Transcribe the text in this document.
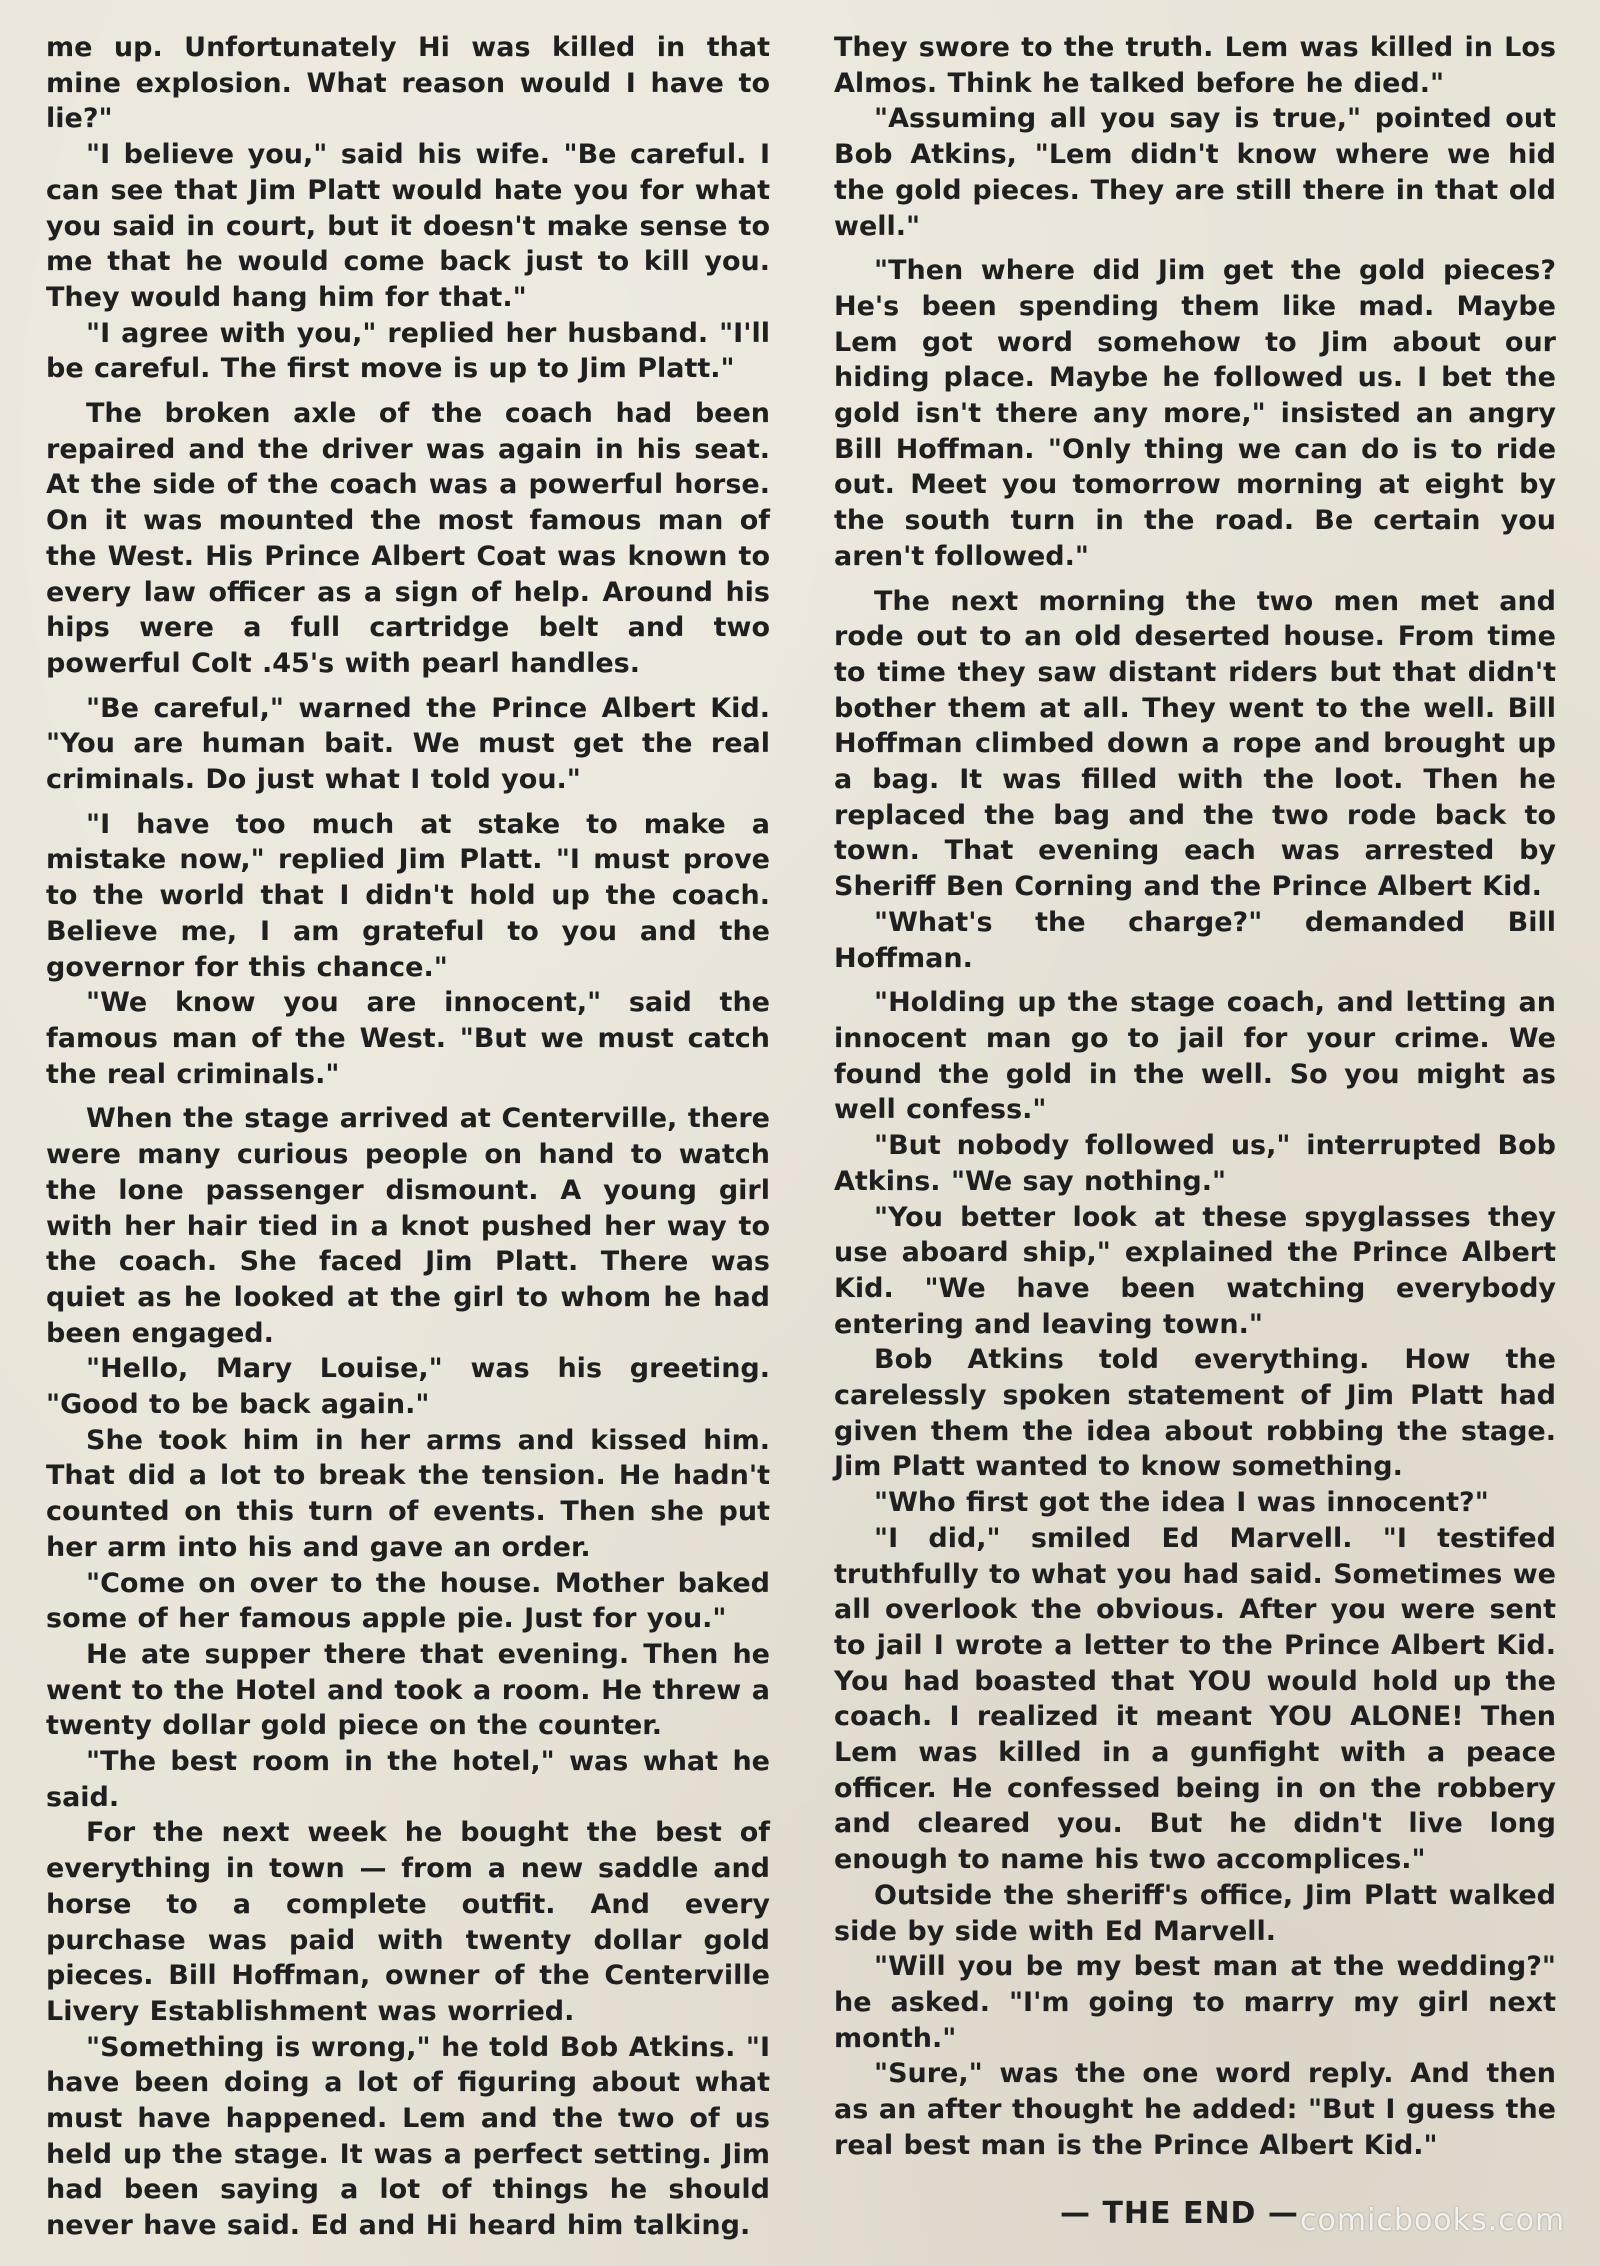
me up. Unfortunately Hi was killed in that mine explosion. What reason would I have to lie?"

"I believe you," said his wife. "Be careful. I can see that Jim Platt would hate you for what you said in court, but it doesn't make sense to me that he would come back just to kill you. They would hang him for that."

"I agree with you," replied her husband. "I'll be careful. The first move is up to Jim Platt."

The broken axle of the coach had been repaired and the driver was again in his seat. At the side of the coach was a powerful horse. On it was mounted the most famous man of the West. His Prince Albert Coat was known to every law officer as a sign of help. Around his hips were a full cartridge belt and two powerful Colt .45's with pearl handles.

"Be careful," warned the Prince Albert Kid. "You are human bait. We must get the real criminals. Do just what I told you."

"I have too much at stake to make a mistake now," replied Jim Platt. "I must prove to the world that I didn't hold up the coach. Believe me, I am grateful to you and the governor for this chance."

"We know you are innocent," said the famous man of the West. "But we must catch the real criminals."

When the stage arrived at Centerville, there were many curious people on hand to watch the lone passenger dismount. A young girl with her hair tied in a knot pushed her way to the coach. She faced Jim Platt. There was quiet as he looked at the girl to whom he had been engaged.

"Hello, Mary Louise," was his greeting. "Good to be back again."

She took him in her arms and kissed him. That did a lot to break the tension. He hadn't counted on this turn of events. Then she put her arm into his and gave an order.

"Come on over to the house. Mother baked some of her famous apple pie. Just for you."

He ate supper there that evening. Then he went to the Hotel and took a room. He threw a twenty dollar gold piece on the counter.

"The best room in the hotel," was what he said.

For the next week he bought the best of everything in town — from a new saddle and horse to a complete outfit. And every purchase was paid with twenty dollar gold pieces. Bill Hoffman, owner of the Centerville Livery Establishment was worried.

"Something is wrong," he told Bob Atkins. "I have been doing a lot of figuring about what must have happened. Lem and the two of us held up the stage. It was a perfect setting. Jim had been saying a lot of things he should never have said. Ed and Hi heard him talking.

They swore to the truth. Lem was killed in Los Almos. Think he talked before he died."

"Assuming all you say is true," pointed out Bob Atkins, "Lem didn't know where we hid the gold pieces. They are still there in that old well."

"Then where did Jim get the gold pieces? He's been spending them like mad. Maybe Lem got word somehow to Jim about our hiding place. Maybe he followed us. I bet the gold isn't there any more," insisted an angry Bill Hoffman. "Only thing we can do is to ride out. Meet you tomorrow morning at eight by the south turn in the road. Be certain you aren't followed."

The next morning the two men met and rode out to an old deserted house. From time to time they saw distant riders but that didn't bother them at all. They went to the well. Bill Hoffman climbed down a rope and brought up a bag. It was filled with the loot. Then he replaced the bag and the two rode back to town. That evening each was arrested by Sheriff Ben Corning and the Prince Albert Kid.

"What's the charge?" demanded Bill Hoffman.

"Holding up the stage coach, and letting an innocent man go to jail for your crime. We found the gold in the well. So you might as well confess."

"But nobody followed us," interrupted Bob Atkins. "We say nothing."

"You better look at these spyglasses they use aboard ship," explained the Prince Albert Kid. "We have been watching everybody entering and leaving town."

Bob Atkins told everything. How the carelessly spoken statement of Jim Platt had given them the idea about robbing the stage. Jim Platt wanted to know something.

"Who first got the idea I was innocent?"

"I did," smiled Ed Marvell. "I testifed truthfully to what you had said. Sometimes we all overlook the obvious. After you were sent to jail I wrote a letter to the Prince Albert Kid. You had boasted that YOU would hold up the coach. I realized it meant YOU ALONE! Then Lem was killed in a gunfight with a peace officer. He confessed being in on the robbery and cleared you. But he didn't live long enough to name his two accomplices."

Outside the sheriff's office, Jim Platt walked side by side with Ed Marvell.

"Will you be my best man at the wedding?" he asked. "I'm going to marry my girl next month."

"Sure," was the one word reply. And then as an after thought he added: "But I guess the real best man is the Prince Albert Kid."

— THE END — comicbooks.com
